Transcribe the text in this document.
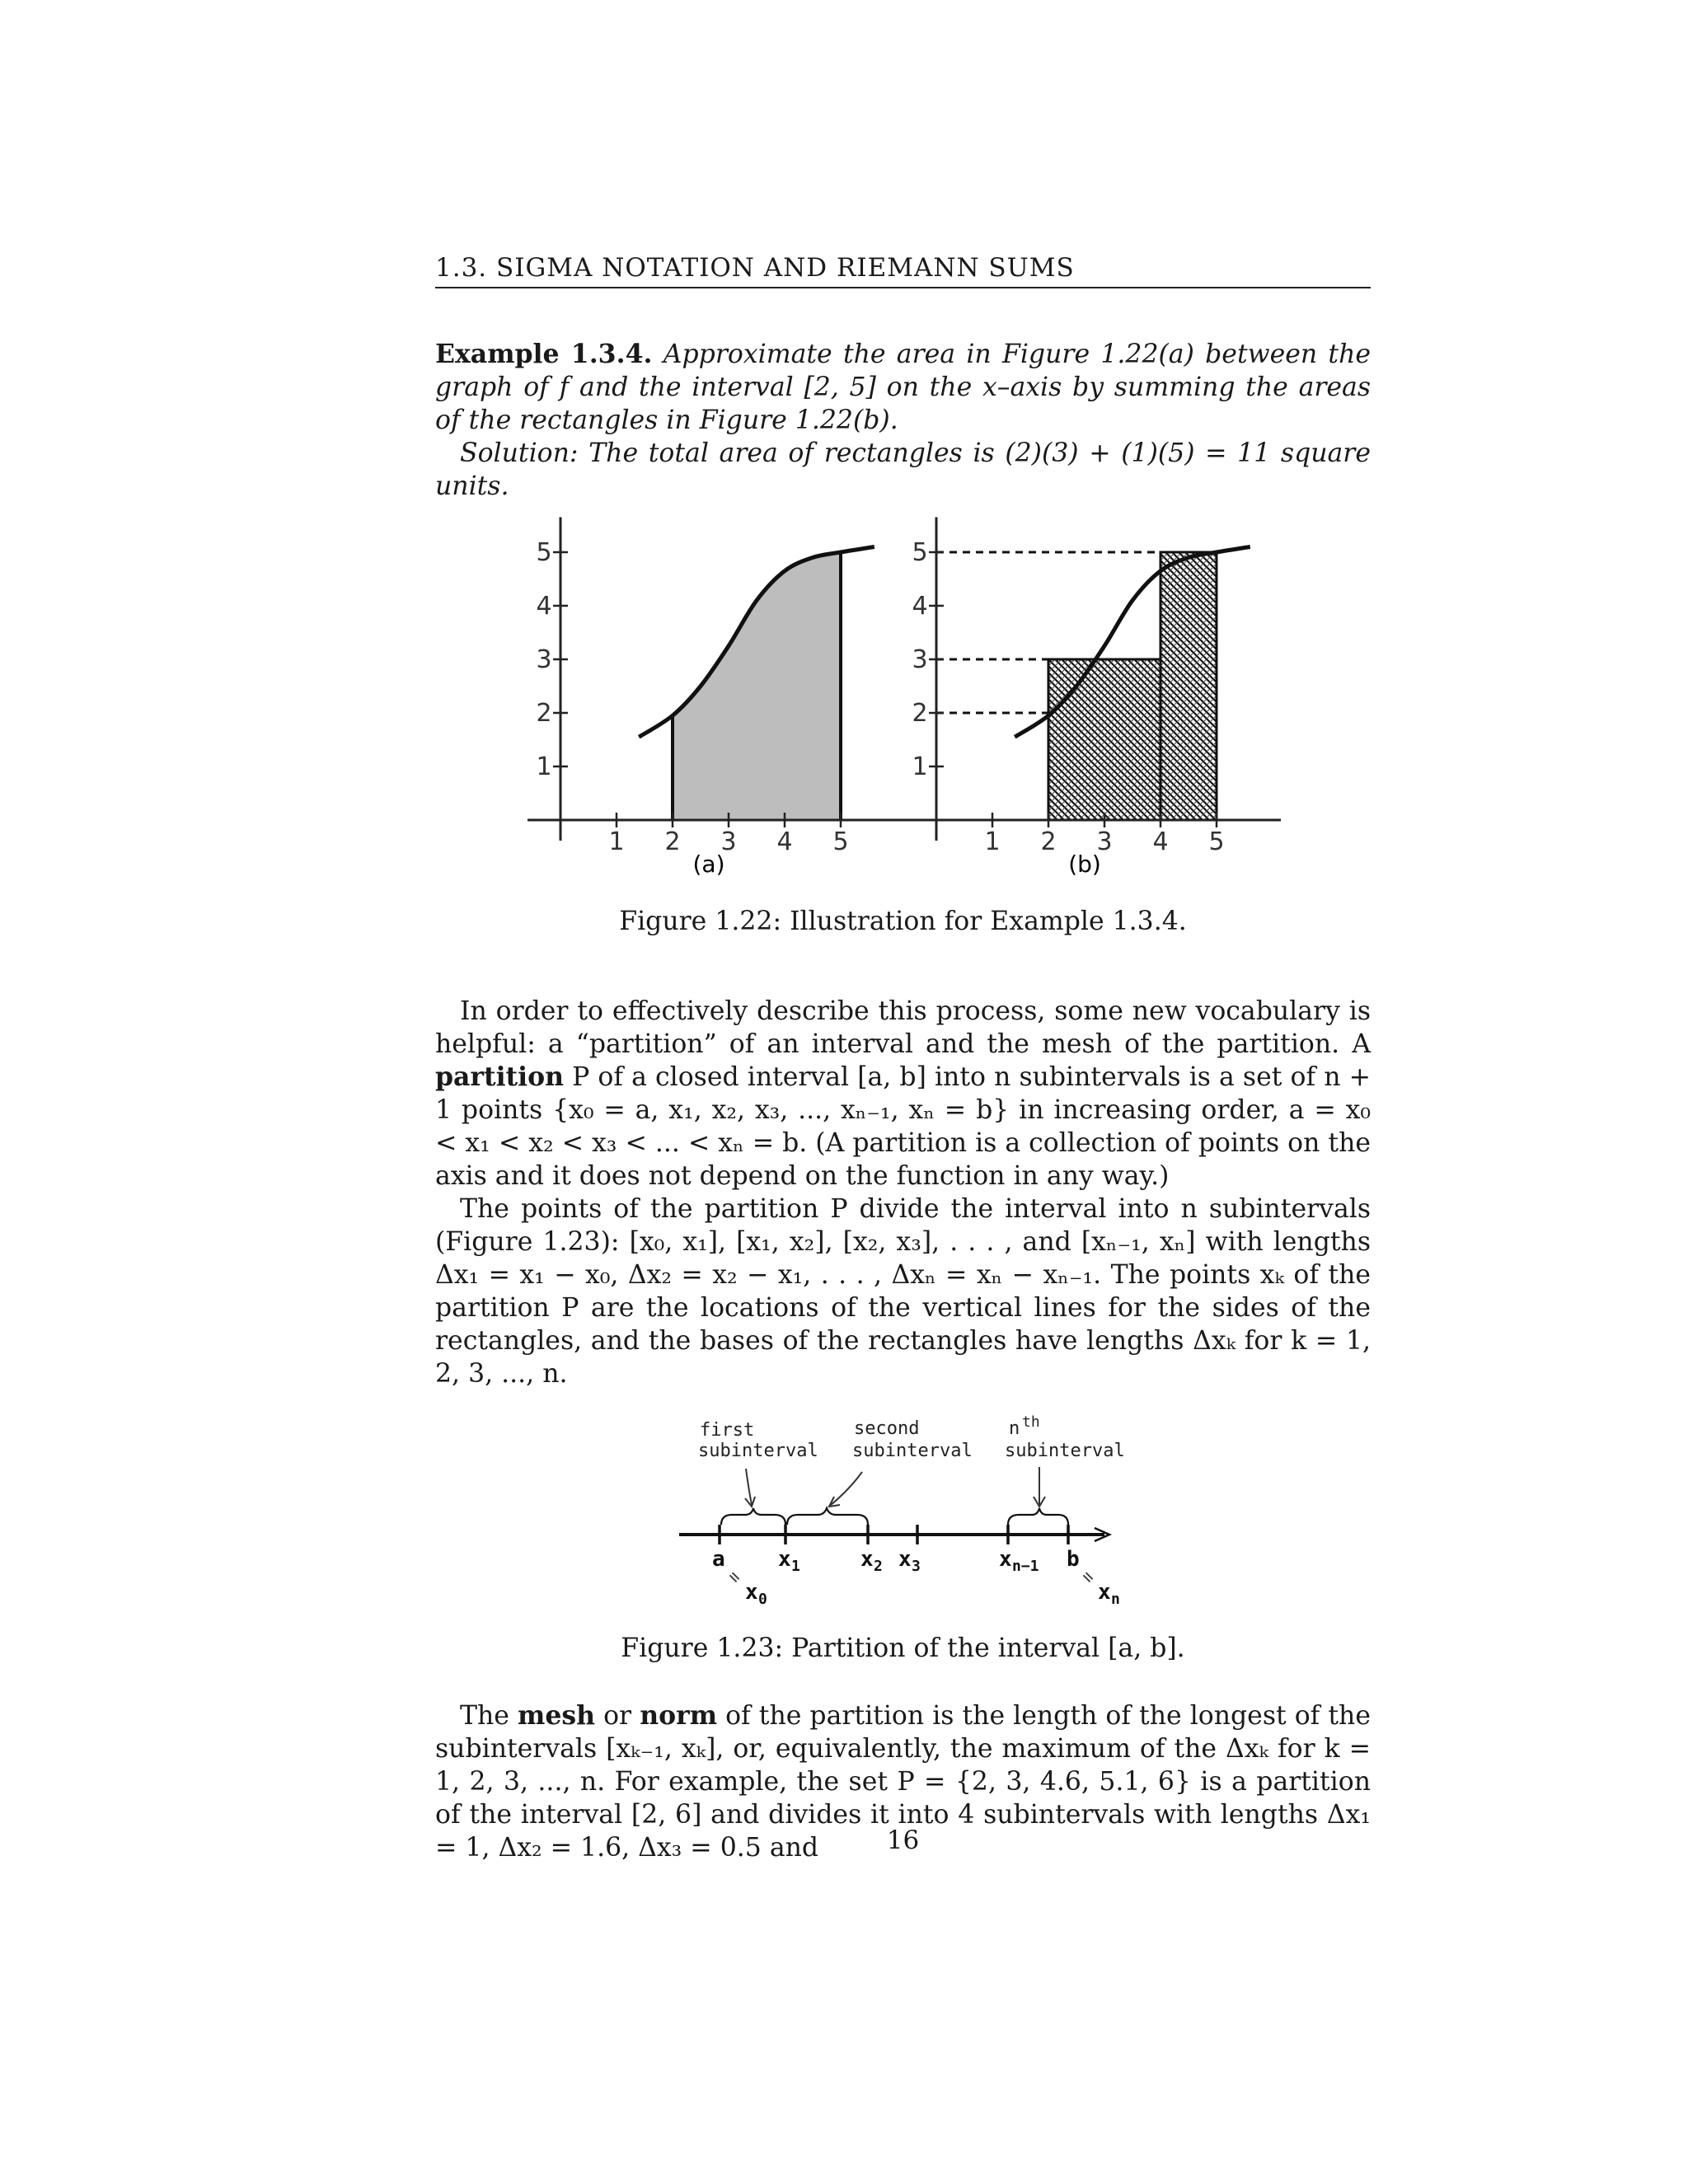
1.3. SIGMA NOTATION AND RIEMANN SUMS

Example 1.3.4. Approximate the area in Figure 1.22(a) between the graph of f and the interval [2, 5] on the x–axis by summing the areas of the rectangles in Figure 1.22(b).

Solution: The total area of rectangles is (2)(3) + (1)(5) = 11 square units.

1 2 3 4 5
1
2
3
4
5
1 2 3 4 5
1
2
3
4
5
(a)	(b)
Figure 1.22: Illustration for Example 1.3.4.

In order to effectively describe this process, some new vocabulary is helpful: a “partition” of an interval and the mesh of the partition. A partition P of a closed interval [a, b] into n subintervals is a set of n + 1 points {x₀ = a, x₁, x₂, x₃, ..., xₙ₋₁, xₙ = b} in increasing order, a = x₀ < x₁ < x₂ < x₃ < ... < xₙ = b. (A partition is a collection of points on the axis and it does not depend on the function in any way.)

The points of the partition P divide the interval into n subintervals (Figure 1.23): [x₀, x₁], [x₁, x₂], [x₂, x₃], . . . , and [xₙ₋₁, xₙ] with lengths Δx₁ = x₁ − x₀, Δx₂ = x₂ − x₁, . . . , Δxₙ = xₙ − xₙ₋₁. The points xₖ of the partition P are the locations of the vertical lines for the sides of the rectangles, and the bases of the rectangles have lengths Δxₖ for k = 1, 2, 3, ..., n.

first
subinterval
second
subinterval
n th
subinterval
a x 1	x 2 x 3	x n−1 b
x 0	x n
=	=
Figure 1.23: Partition of the interval [a, b].

The mesh or norm of the partition is the length of the longest of the subintervals [xₖ₋₁, xₖ], or, equivalently, the maximum of the Δxₖ for k = 1, 2, 3, ..., n. For example, the set P = {2, 3, 4.6, 5.1, 6} is a partition of the interval [2, 6] and divides it into 4 subintervals with lengths Δx₁ = 1, Δx₂ = 1.6, Δx₃ = 0.5 and	16
